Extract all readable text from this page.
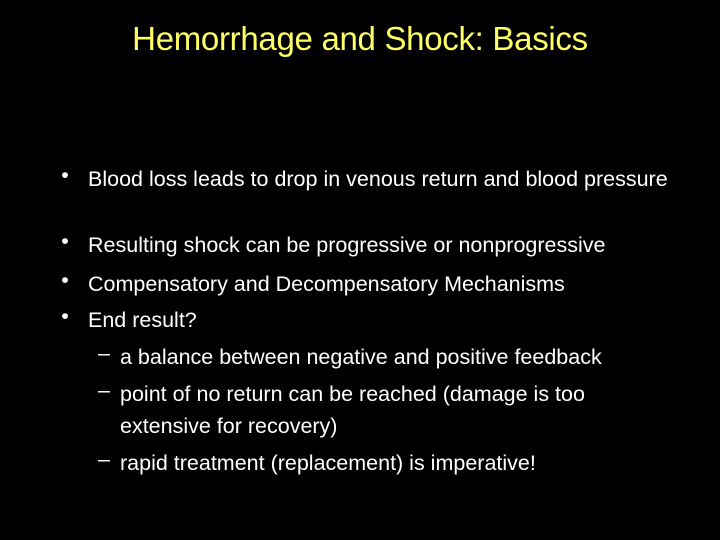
Hemorrhage and Shock: Basics
• Blood loss leads to drop in venous return and blood pressure
• Resulting shock can be progressive or nonprogressive
• Compensatory and Decompensatory Mechanisms
• End result?
– a balance between negative and positive feedback
– point of no return can be reached (damage is too extensive for recovery)
– rapid treatment (replacement) is imperative!
